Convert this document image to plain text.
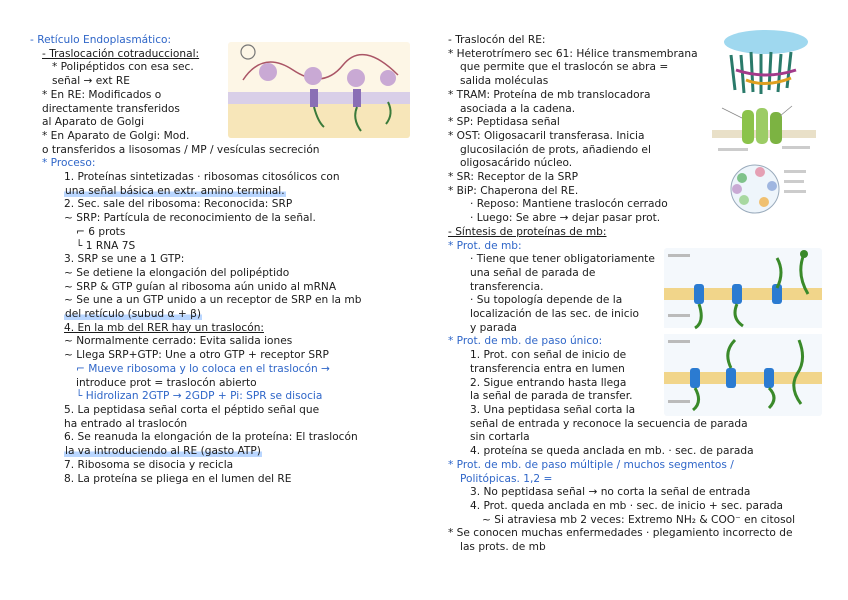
- Retículo Endoplasmático:
- Traslocación cotraduccional:
* Polipéptidos con esa sec.
señal → ext RE
* En RE: Modificados o
directamente transferidos
al Aparato de Golgi
* En Aparato de Golgi: Mod.
o transferidos a lisosomas / MP / vesículas secreción
* Proceso:
1. Proteínas sintetizadas · ribosomas citosólicos con
una señal básica en extr. amino terminal.
2. Sec. sale del ribosoma: Reconocida: SRP
~ SRP: Partícula de reconocimiento de la señal.
⌐ 6 prots
└ 1 RNA 7S
3. SRP se une a 1 GTP:
~ Se detiene la elongación del polipéptido
~ SRP & GTP guían al ribosoma aún unido al mRNA
~ Se une a un GTP unido a un receptor de SRP en la mb
del retículo (subud α + β)
4. En la mb del RER hay un traslocón:
~ Normalmente cerrado: Evita salida iones
~ Llega SRP+GTP: Une a otro GTP + receptor SRP
⌐ Mueve ribosoma y lo coloca en el traslocón →
introduce prot = traslocón abierto
└ Hidrolizan 2GTP → 2GDP + Pi: SPR se disocia
5. La peptidasa señal corta el péptido señal que
ha entrado al traslocón
6. Se reanuda la elongación de la proteína: El traslocón
la va introduciendo al RE (gasto ATP)
7. Ribosoma se disocia y recicla
8. La proteína se pliega en el lumen del RE
- Traslocón del RE:
* Heterotrímero sec 61: Hélice transmembrana
que permite que el traslocón se abra =
salida moléculas
* TRAM: Proteína de mb translocadora
asociada a la cadena.
* SP: Peptidasa señal
* OST: Oligosacaril transferasa. Inicia
glucosilación de prots, añadiendo el
oligosacárido núcleo.
* SR: Receptor de la SRP
* BiP: Chaperona del RE.
· Reposo: Mantiene traslocón cerrado
· Luego: Se abre → dejar pasar prot.
- Síntesis de proteínas de mb:
* Prot. de mb:
· Tiene que tener obligatoriamente
una señal de parada de
transferencia.
· Su topología depende de la
localización de las sec. de inicio
y parada
* Prot. de mb. de paso único:
1. Prot. con señal de inicio de
transferencia entra en lumen
2. Sigue entrando hasta llega
la señal de parada de transfer.
3. Una peptidasa señal corta la
señal de entrada y reconoce la secuencia de parada
sin cortarla
4. proteína se queda anclada en mb. · sec. de parada
* Prot. de mb. de paso múltiple / muchos segmentos /
Politópicas. 1,2 =
3. No peptidasa señal → no corta la señal de entrada
4. Prot. queda anclada en mb · sec. de inicio + sec. parada
~ Si atraviesa mb 2 veces: Extremo NH₂ & COO⁻ en citosol
* Se conocen muchas enfermedades · plegamiento incorrecto de
las prots. de mb
